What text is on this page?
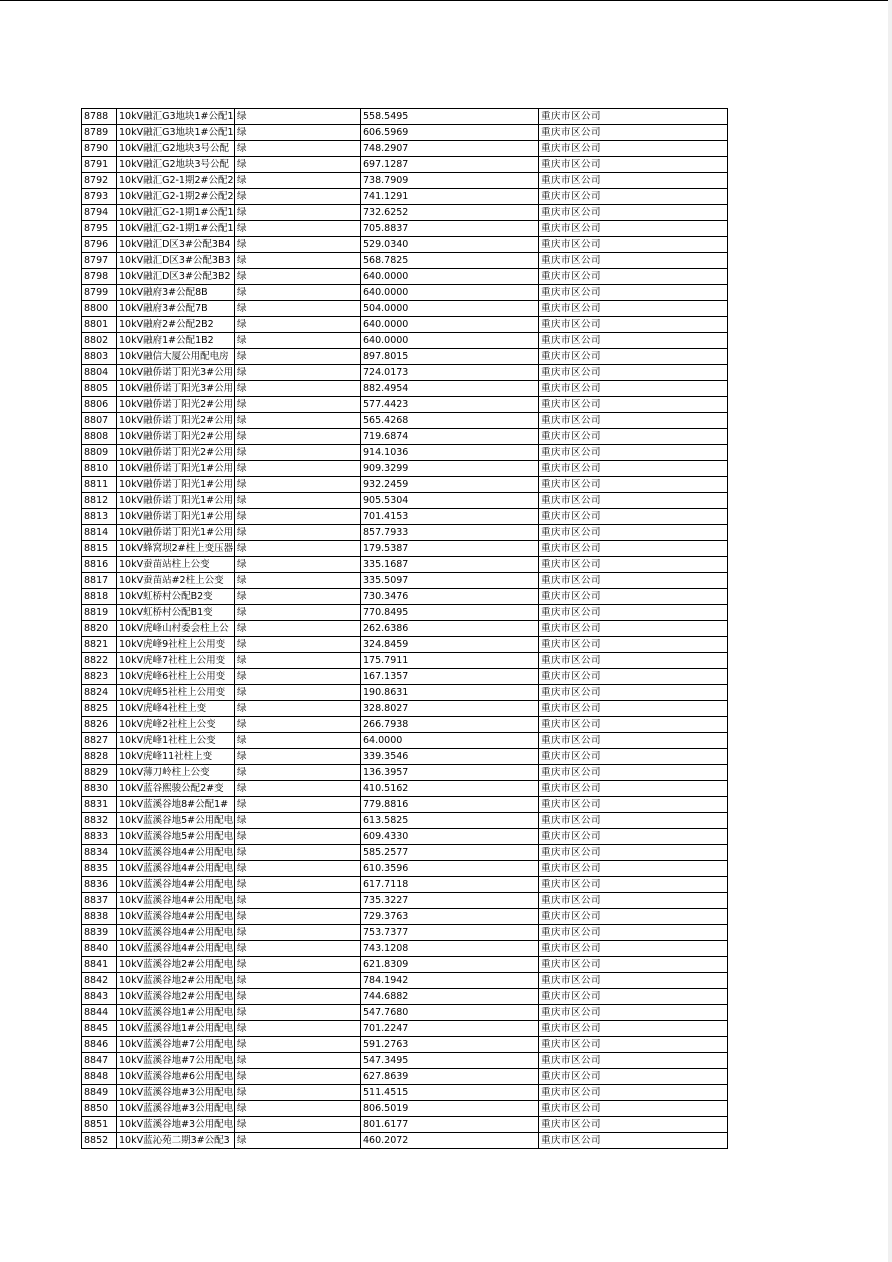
8788	10kV融汇G3地块1#公配1	绿	558.5495	重庆市区公司
8789	10kV融汇G3地块1#公配1	绿	606.5969	重庆市区公司
8790	10kV融汇G2地块3号公配	绿	748.2907	重庆市区公司
8791	10kV融汇G2地块3号公配	绿	697.1287	重庆市区公司
8792	10kV融汇G2-1期2#公配2	绿	738.7909	重庆市区公司
8793	10kV融汇G2-1期2#公配2	绿	741.1291	重庆市区公司
8794	10kV融汇G2-1期1#公配1	绿	732.6252	重庆市区公司
8795	10kV融汇G2-1期1#公配1	绿	705.8837	重庆市区公司
8796	10kV融汇D区3#公配3B4	绿	529.0340	重庆市区公司
8797	10kV融汇D区3#公配3B3	绿	568.7825	重庆市区公司
8798	10kV融汇D区3#公配3B2	绿	640.0000	重庆市区公司
8799	10kV融府3#公配8B	绿	640.0000	重庆市区公司
8800	10kV融府3#公配7B	绿	504.0000	重庆市区公司
8801	10kV融府2#公配2B2	绿	640.0000	重庆市区公司
8802	10kV融府1#公配1B2	绿	640.0000	重庆市区公司
8803	10kV融信大厦公用配电房	绿	897.8015	重庆市区公司
8804	10kV融侨诺丁阳光3#公用	绿	724.0173	重庆市区公司
8805	10kV融侨诺丁阳光3#公用	绿	882.4954	重庆市区公司
8806	10kV融侨诺丁阳光2#公用	绿	577.4423	重庆市区公司
8807	10kV融侨诺丁阳光2#公用	绿	565.4268	重庆市区公司
8808	10kV融侨诺丁阳光2#公用	绿	719.6874	重庆市区公司
8809	10kV融侨诺丁阳光2#公用	绿	914.1036	重庆市区公司
8810	10kV融侨诺丁阳光1#公用	绿	909.3299	重庆市区公司
8811	10kV融侨诺丁阳光1#公用	绿	932.2459	重庆市区公司
8812	10kV融侨诺丁阳光1#公用	绿	905.5304	重庆市区公司
8813	10kV融侨诺丁阳光1#公用	绿	701.4153	重庆市区公司
8814	10kV融侨诺丁阳光1#公用	绿	857.7933	重庆市区公司
8815	10kV蜂窝坝2#柱上变压器	绿	179.5387	重庆市区公司
8816	10kV蚕苗站柱上公变	绿	335.1687	重庆市区公司
8817	10kV蚕苗站#2柱上公变	绿	335.5097	重庆市区公司
8818	10kV虹桥村公配B2变	绿	730.3476	重庆市区公司
8819	10kV虹桥村公配B1变	绿	770.8495	重庆市区公司
8820	10kV虎峰山村委会柱上公	绿	262.6386	重庆市区公司
8821	10kV虎峰9社柱上公用变	绿	324.8459	重庆市区公司
8822	10kV虎峰7社柱上公用变	绿	175.7911	重庆市区公司
8823	10kV虎峰6社柱上公用变	绿	167.1357	重庆市区公司
8824	10kV虎峰5社柱上公用变	绿	190.8631	重庆市区公司
8825	10kV虎峰4社柱上变	绿	328.8027	重庆市区公司
8826	10kV虎峰2社柱上公变	绿	266.7938	重庆市区公司
8827	10kV虎峰1社柱上公变	绿	64.0000	重庆市区公司
8828	10kV虎峰11社柱上变	绿	339.3546	重庆市区公司
8829	10kV薄刀岭柱上公变	绿	136.3957	重庆市区公司
8830	10kV蓝谷熙骏公配2#变	绿	410.5162	重庆市区公司
8831	10kV蓝溪谷地8#公配1#	绿	779.8816	重庆市区公司
8832	10kV蓝溪谷地5#公用配电	绿	613.5825	重庆市区公司
8833	10kV蓝溪谷地5#公用配电	绿	609.4330	重庆市区公司
8834	10kV蓝溪谷地4#公用配电	绿	585.2577	重庆市区公司
8835	10kV蓝溪谷地4#公用配电	绿	610.3596	重庆市区公司
8836	10kV蓝溪谷地4#公用配电	绿	617.7118	重庆市区公司
8837	10kV蓝溪谷地4#公用配电	绿	735.3227	重庆市区公司
8838	10kV蓝溪谷地4#公用配电	绿	729.3763	重庆市区公司
8839	10kV蓝溪谷地4#公用配电	绿	753.7377	重庆市区公司
8840	10kV蓝溪谷地4#公用配电	绿	743.1208	重庆市区公司
8841	10kV蓝溪谷地2#公用配电	绿	621.8309	重庆市区公司
8842	10kV蓝溪谷地2#公用配电	绿	784.1942	重庆市区公司
8843	10kV蓝溪谷地2#公用配电	绿	744.6882	重庆市区公司
8844	10kV蓝溪谷地1#公用配电	绿	547.7680	重庆市区公司
8845	10kV蓝溪谷地1#公用配电	绿	701.2247	重庆市区公司
8846	10kV蓝溪谷地#7公用配电	绿	591.2763	重庆市区公司
8847	10kV蓝溪谷地#7公用配电	绿	547.3495	重庆市区公司
8848	10kV蓝溪谷地#6公用配电	绿	627.8639	重庆市区公司
8849	10kV蓝溪谷地#3公用配电	绿	511.4515	重庆市区公司
8850	10kV蓝溪谷地#3公用配电	绿	806.5019	重庆市区公司
8851	10kV蓝溪谷地#3公用配电	绿	801.6177	重庆市区公司
8852	10kV蓝沁苑二期3#公配3	绿	460.2072	重庆市区公司
